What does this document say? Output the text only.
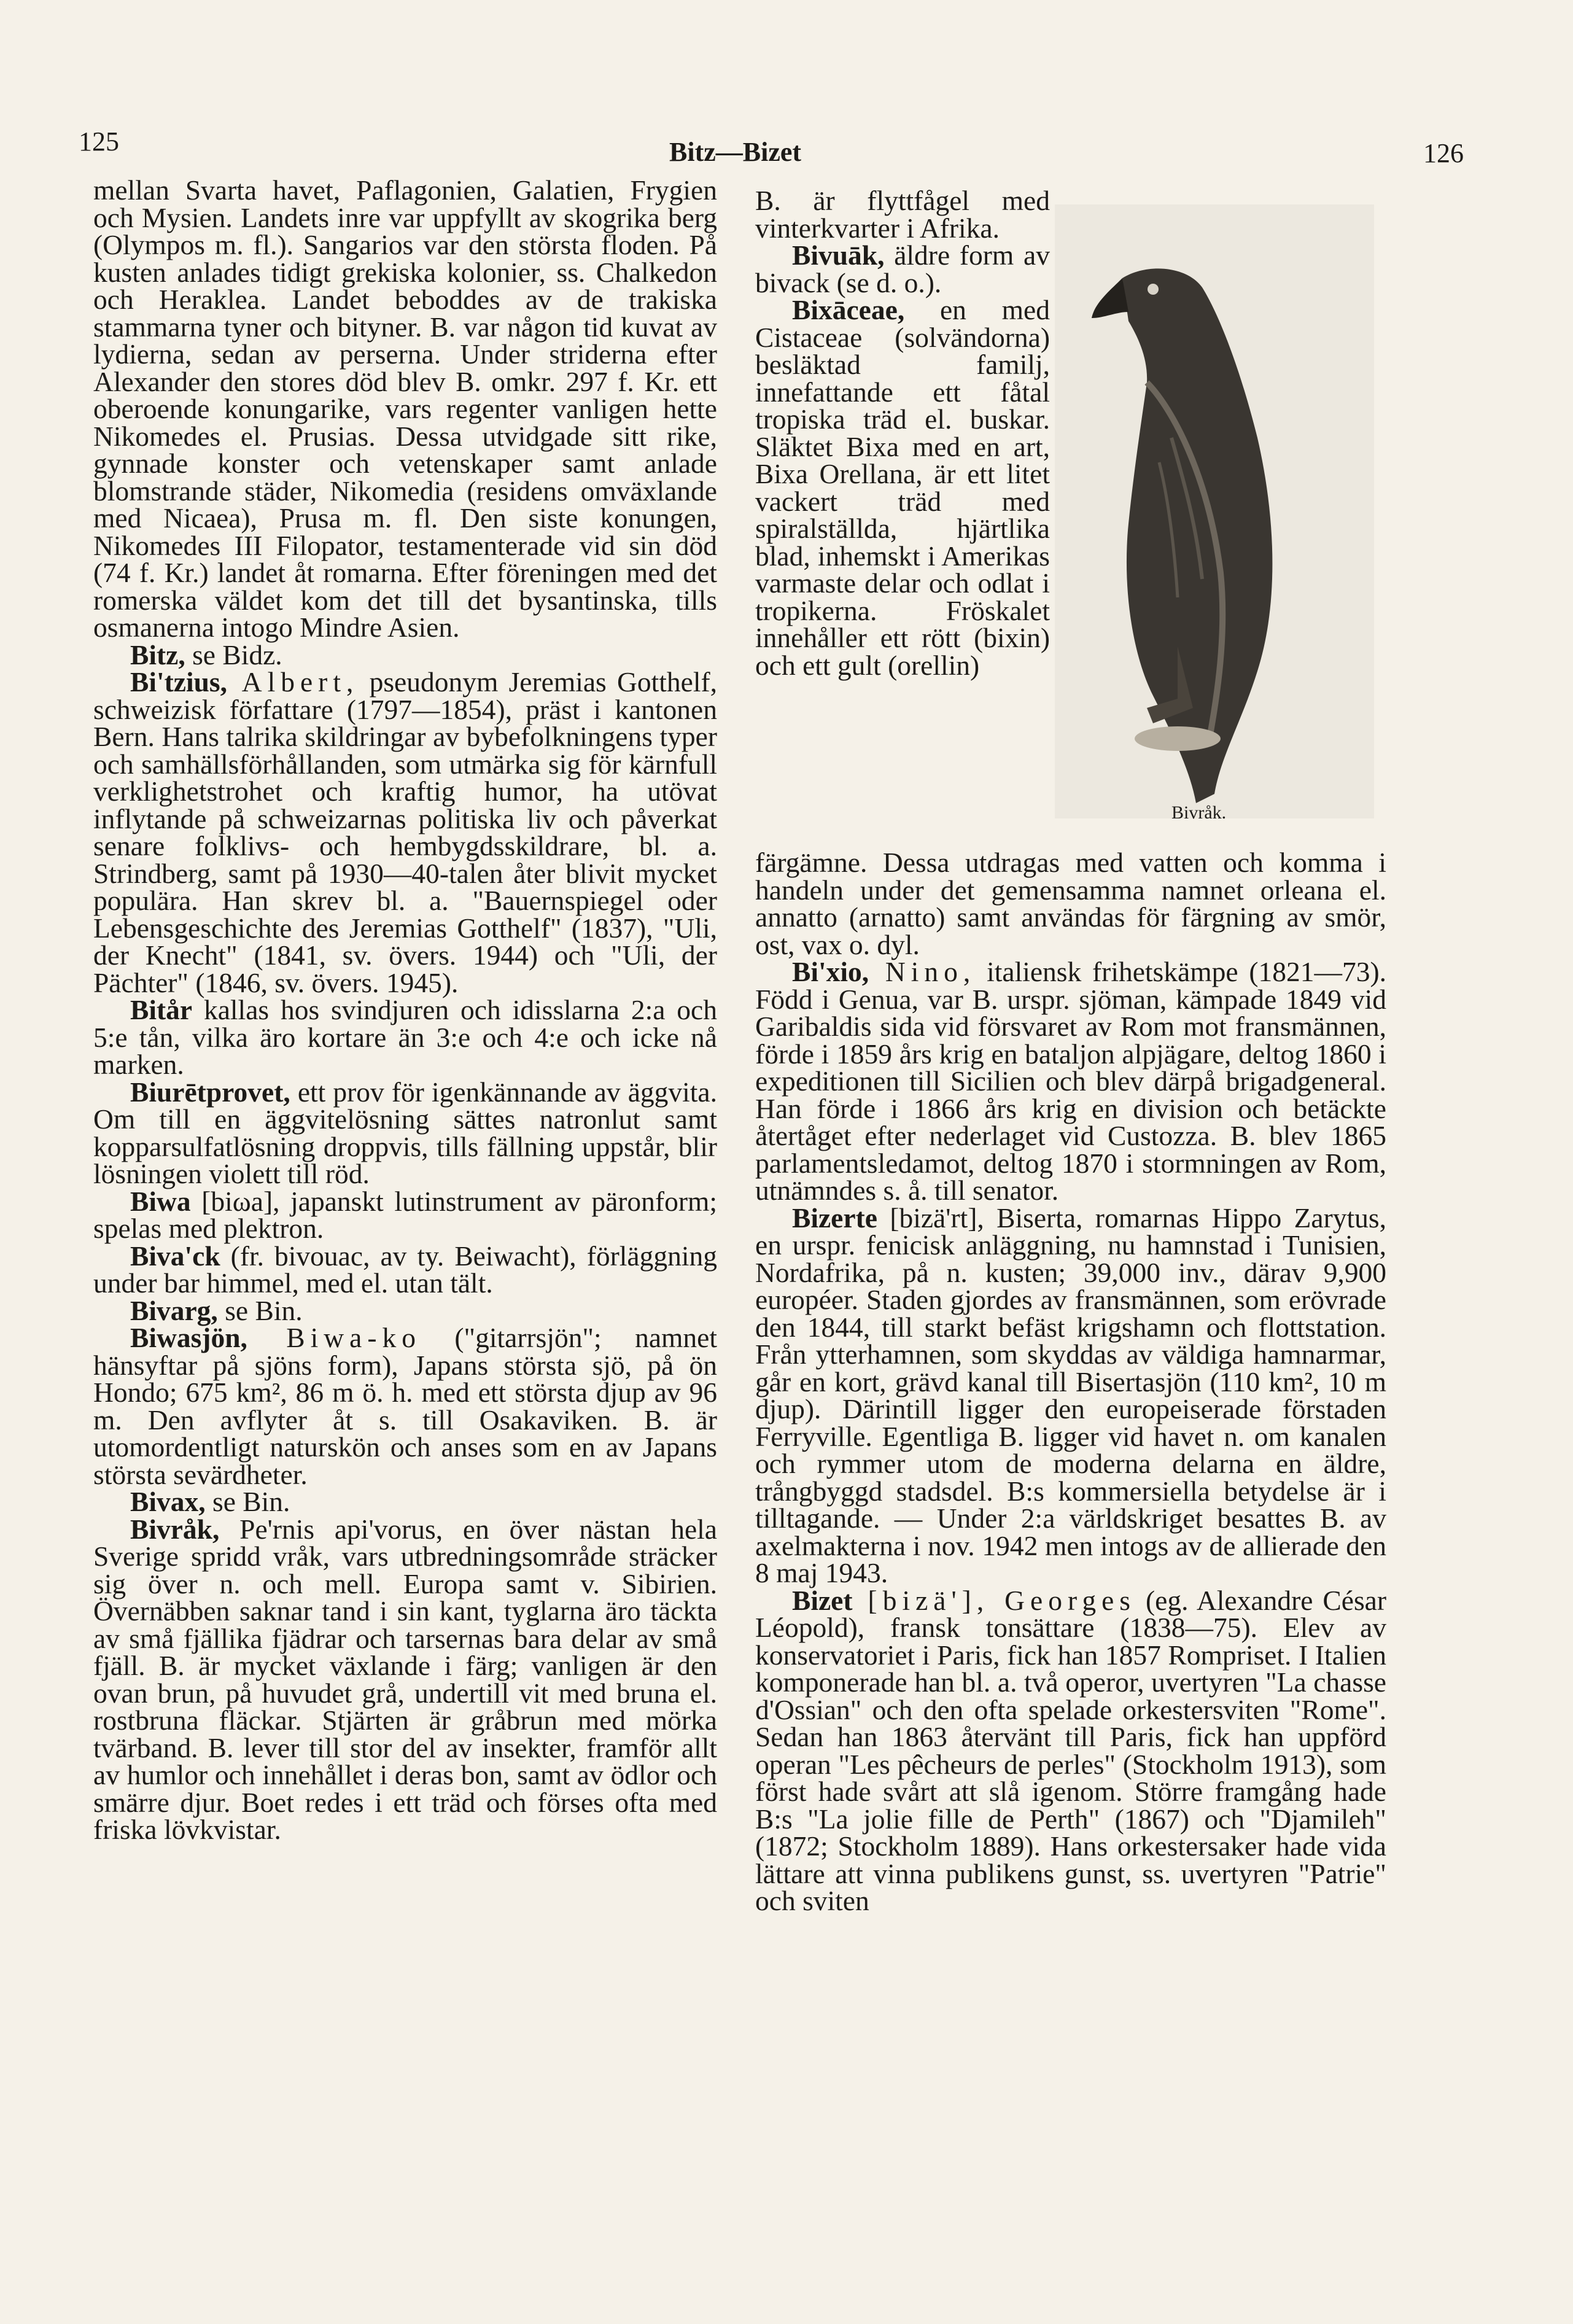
125	Bitz—Bizet	126

mellan Svarta havet, Paflagonien, Galatien, Frygien och Mysien. Landets inre var uppfyllt av skogrika berg (Olympos m. fl.). Sangarios var den största floden. På kusten anlades tidigt grekiska kolonier, ss. Chalkedon och Heraklea. Landet beboddes av de trakiska stammarna tyner och bityner. B. var någon tid kuvat av lydierna, sedan av perserna. Under striderna efter Alexander den stores död blev B. omkr. 297 f. Kr. ett oberoende konungarike, vars regenter vanligen hette Nikomedes el. Prusias. Dessa utvidgade sitt rike, gynnade konster och vetenskaper samt anlade blomstrande städer, Nikomedia (residens omväxlande med Nicaea), Prusa m. fl. Den siste konungen, Nikomedes III Filopator, testamenterade vid sin död (74 f. Kr.) landet åt romarna. Efter föreningen med det romerska väldet kom det till det bysantinska, tills osmanerna intogo Mindre Asien.

Bitz, se Bidz.

Bi'tzius, Albert, pseudonym Jeremias Gotthelf, schweizisk författare (1797—1854), präst i kantonen Bern. Hans talrika skildringar av bybefolkningens typer och samhällsförhållanden, som utmärka sig för kärnfull verklighetstrohet och kraftig humor, ha utövat inflytande på schweizarnas politiska liv och påverkat senare folklivs- och hembygdsskildrare, bl. a. Strindberg, samt på 1930—40-talen åter blivit mycket populära. Han skrev bl. a. "Bauernspiegel oder Lebensgeschichte des Jeremias Gotthelf" (1837), "Uli, der Knecht" (1841, sv. övers. 1944) och "Uli, der Pächter" (1846, sv. övers. 1945).

Bitår kallas hos svindjuren och idisslarna 2:a och 5:e tån, vilka äro kortare än 3:e och 4:e och icke nå marken.

Biurētprovet, ett prov för igenkännande av äggvita. Om till en äggvitelösning sättes natronlut samt kopparsulfatlösning droppvis, tills fällning uppstår, blir lösningen violett till röd.

Biwa [biωa], japanskt lutinstrument av päronform; spelas med plektron.

Biva'ck (fr. bivouac, av ty. Beiwacht), förläggning under bar himmel, med el. utan tält.

Bivarg, se Bin.

Biwasjön, Biwa-ko ("gitarrsjön"; namnet hänsyftar på sjöns form), Japans största sjö, på ön Hondo; 675 km², 86 m ö. h. med ett största djup av 96 m. Den avflyter åt s. till Osakaviken. B. är utomordentligt naturskön och anses som en av Japans största sevärdheter.

Bivax, se Bin.

Bivråk, Pe'rnis api'vorus, en över nästan hela Sverige spridd vråk, vars utbredningsområde sträcker sig över n. och mell. Europa samt v. Sibirien. Övernäbben saknar tand i sin kant, tyglarna äro täckta av små fjällika fjädrar och tarsernas bara delar av små fjäll. B. är mycket växlande i färg; vanligen är den ovan brun, på huvudet grå, undertill vit med bruna el. rostbruna fläckar. Stjärten är gråbrun med mörka tvärband. B. lever till stor del av insekter, framför allt av humlor och innehållet i deras bon, samt av ödlor och smärre djur. Boet redes i ett träd och förses ofta med friska lövkvistar.

B. är flyttfågel med vinterkvarter i Afrika.

Bivuāk, äldre form av bivack (se d. o.).

Bixāceae, en med Cistaceae (solvändorna) besläktad familj, innefattande ett fåtal tropiska träd el. buskar. Släktet Bixa med en art, Bixa Orellana, är ett litet vackert träd med spiralställda, hjärtlika blad, inhemskt i Amerikas varmaste delar och odlat i tropikerna. Fröskalet innehåller ett rött (bixin) och ett gult (orellin)

Bivråk.

färgämne. Dessa utdragas med vatten och komma i handeln under det gemensamma namnet orleana el. annatto (arnatto) samt användas för färgning av smör, ost, vax o. dyl.

Bi'xio, Nino, italiensk frihetskämpe (1821—73). Född i Genua, var B. urspr. sjöman, kämpade 1849 vid Garibaldis sida vid försvaret av Rom mot fransmännen, förde i 1859 års krig en bataljon alpjägare, deltog 1860 i expeditionen till Sicilien och blev därpå brigadgeneral. Han förde i 1866 års krig en division och betäckte återtåget efter nederlaget vid Custozza. B. blev 1865 parlamentsledamot, deltog 1870 i stormningen av Rom, utnämndes s. å. till senator.

Bizerte [bizä'rt], Biserta, romarnas Hippo Zarytus, en urspr. fenicisk anläggning, nu hamnstad i Tunisien, Nordafrika, på n. kusten; 39,000 inv., därav 9,900 européer. Staden gjordes av fransmännen, som erövrade den 1844, till starkt befäst krigshamn och flottstation. Från ytterhamnen, som skyddas av väldiga hamnarmar, går en kort, grävd kanal till Bisertasjön (110 km², 10 m djup). Därintill ligger den europeiserade förstaden Ferryville. Egentliga B. ligger vid havet n. om kanalen och rymmer utom de moderna delarna en äldre, trångbyggd stadsdel. B:s kommersiella betydelse är i tilltagande. — Under 2:a världskriget besattes B. av axelmakterna i nov. 1942 men intogs av de allierade den 8 maj 1943.

Bizet [bizä'], Georges (eg. Alexandre César Léopold), fransk tonsättare (1838—75). Elev av konservatoriet i Paris, fick han 1857 Rompriset. I Italien komponerade han bl. a. två operor, uvertyren "La chasse d'Ossian" och den ofta spelade orkestersviten "Rome". Sedan han 1863 återvänt till Paris, fick han uppförd operan "Les pêcheurs de perles" (Stockholm 1913), som först hade svårt att slå igenom. Större framgång hade B:s "La jolie fille de Perth" (1867) och "Djamileh" (1872; Stockholm 1889). Hans orkestersaker hade vida lättare att vinna publikens gunst, ss. uvertyren "Patrie" och sviten
